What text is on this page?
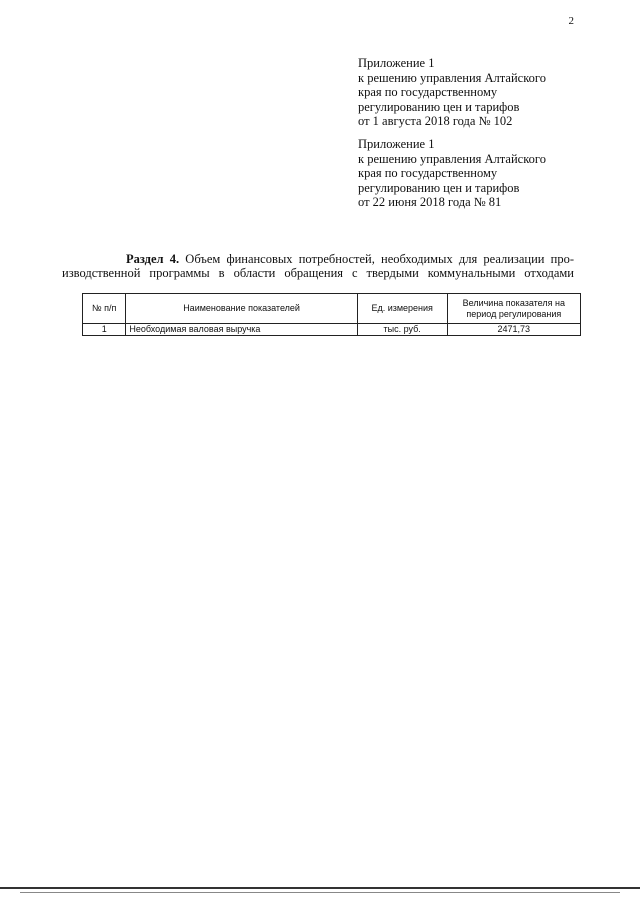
2
Приложение 1
к решению управления Алтайского
края по государственному
регулированию цен и тарифов
от 1 августа 2018 года № 102
Приложение 1
к решению управления Алтайского
края по государственному
регулированию цен и тарифов
от 22 июня 2018 года № 81
Раздел 4. Объем финансовых потребностей, необходимых для реализации про-
изводственной программы в области обращения с твердыми коммунальными отходами
№ п/п	Наименование показателей	Ед. измерения	Величина показателя на период регулирования
1	Необходимая валовая выручка	тыс. руб.	2471,73
